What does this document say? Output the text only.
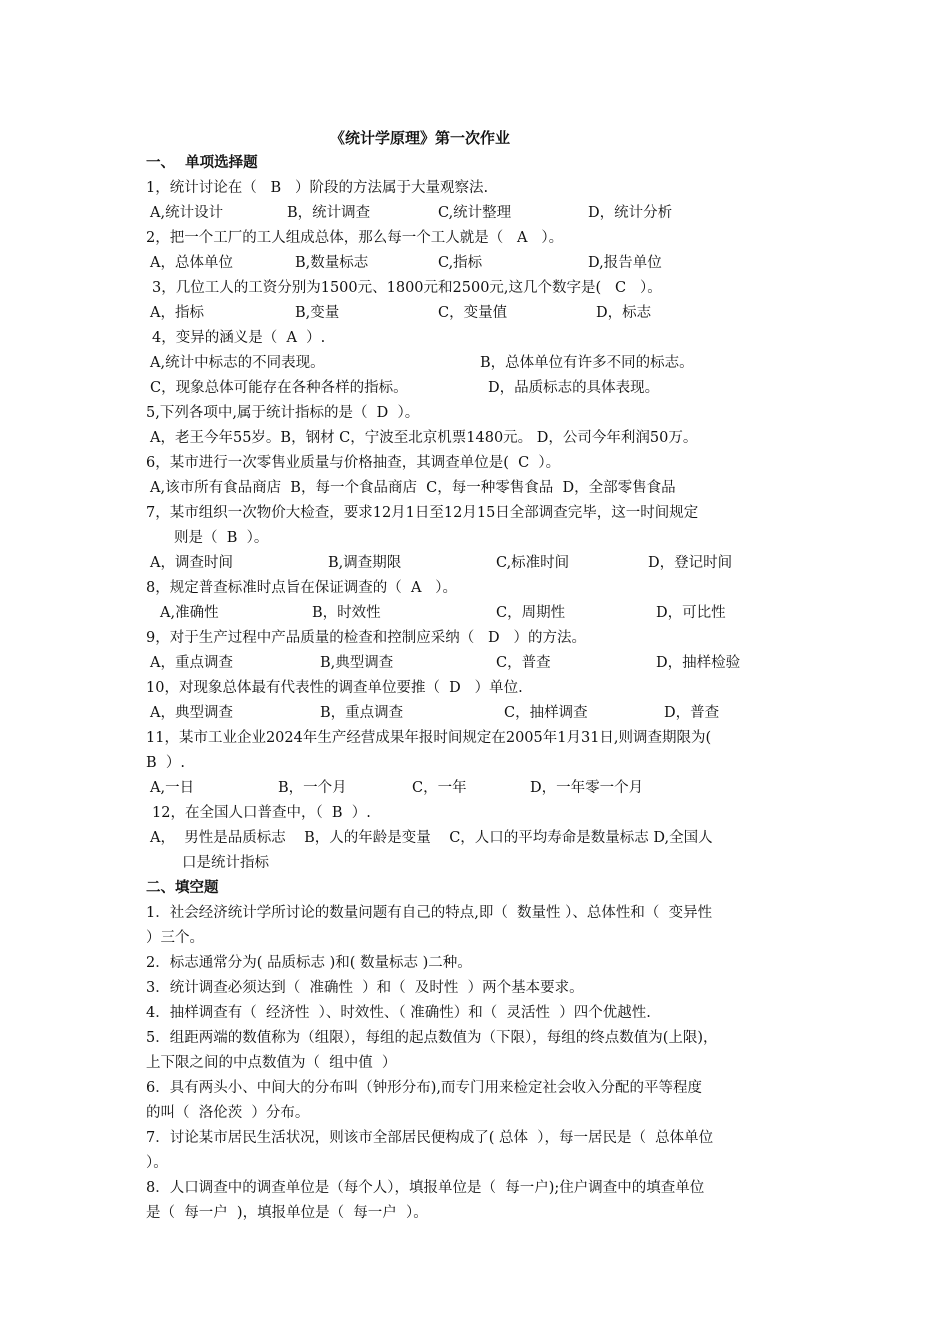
《统计学原理》第一次作业
一、  单项选择题
1，统计讨论在（   B   ）阶段的方法属于大量观察法.
A,统计设计	B，统计调查	C,统计整理	D，统计分析
2，把一个工厂的工人组成总体，那么每一个工人就是（   A   ）。
A，总体单位	B,数量标志	C,指标	D,报告单位
3，几位工人的工资分别为1500元、1800元和2500元,这几个数字是(   C   ）。
A，指标	B,变量	C，变量值	D，标志
4，变异的涵义是（  A  ）.
A,统计中标志的不同表现。	B，总体单位有许多不同的标志。
C，现象总体可能存在各种各样的指标。	D，品质标志的具体表现。
5,下列各项中,属于统计指标的是（  D  ）。
A，老王今年55岁。B，钢材 C，宁波至北京机票1480元。 D，公司今年利润50万。
6，某市进行一次零售业质量与价格抽查，其调查单位是(  C  ）。
A,该市所有食品商店  B，每一个食品商店  C，每一种零售食品  D，全部零售食品
7，某市组织一次物价大检查，要求12月1日至12月15日全部调查完毕，这一时间规定
则是（  B  ）。
A，调查时间	B,调查期限	C,标准时间	D，登记时间
8，规定普查标准时点旨在保证调查的（  A   ）。
A,准确性	B，时效性	C，周期性	D，可比性
9，对于生产过程中产品质量的检查和控制应采纳（   D   ）的方法。
A，重点调查	B,典型调查	C，普查	D，抽样检验
10，对现象总体最有代表性的调查单位要推（  D   ）单位.
A，典型调查	B，重点调查	C，抽样调查	D，普查
11，某市工业企业2024年生产经营成果年报时间规定在2005年1月31日,则调查期限为(
B  ）.
A,一日	B，一个月	C，一年	D，一年零一个月
12，在全国人口普查中，（  B  ）.
A，  男性是品质标志    B，人的年龄是变量    C，人口的平均寿命是数量标志 D,全国人
口是统计指标
二、填空题
1．社会经济统计学所讨论的数量问题有自己的特点,即（  数量性 ）、总体性和（  变异性
）三个。
2．标志通常分为( 品质标志 )和( 数量标志 )二种。
3．统计调查必须达到（  准确性  ）和（  及时性  ）两个基本要求。
4．抽样调查有（  经济性  ）、时效性、（ 准确性）和（  灵活性  ）四个优越性.
5．组距两端的数值称为（组限），每组的起点数值为（下限），每组的终点数值为(上限)，
上下限之间的中点数值为（  组中值  ）
6．具有两头小、中间大的分布叫（钟形分布),而专门用来检定社会收入分配的平等程度
的叫（  洛伦茨  ）分布。
7．讨论某市居民生活状况，则该市全部居民便构成了( 总体  ），每一居民是（  总体单位
）。
8．人口调查中的调查单位是（每个人），填报单位是（  每一户);住户调查中的填查单位
是（  每一户  )，填报单位是（  每一户  ）。
